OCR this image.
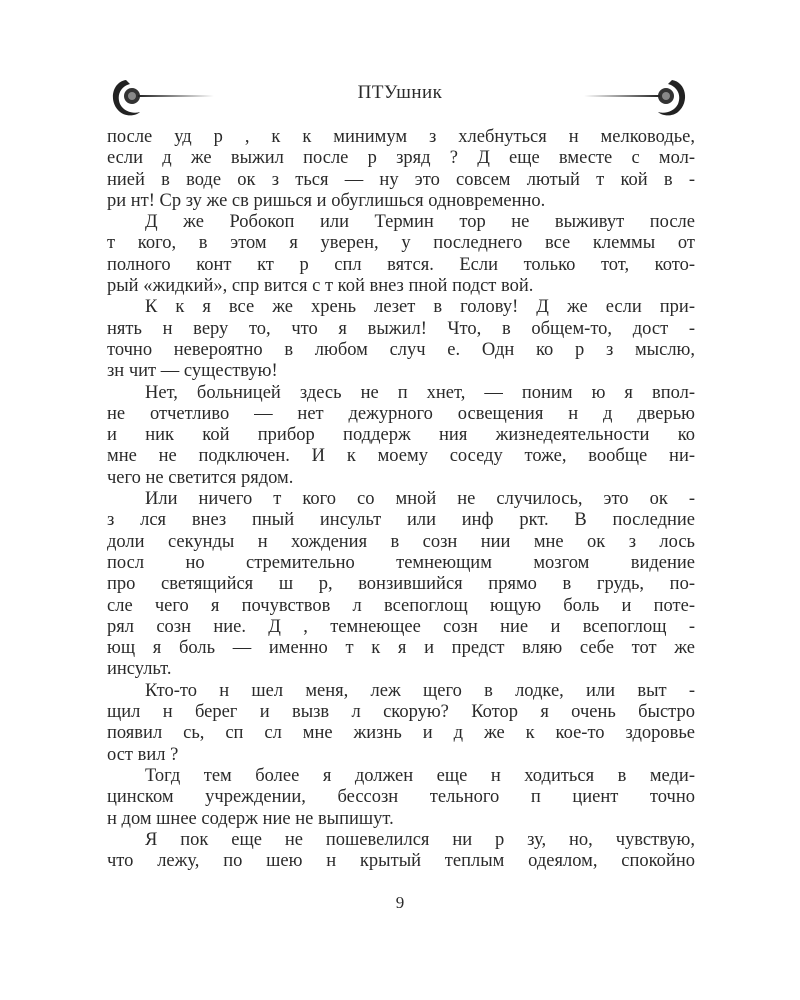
ПТУшник
после уд р , к к минимум з хлебнуться н мелководье,
если д же выжил после р зряд ? Д еще вместе с мол-
нией в воде ок з ться — ну это совсем лютый т кой в -
ри нт! Ср зу же св ришься и обуглишься одновременно.
Д же Робокоп или Термин тор не выживут после
т кого, в этом я уверен, у последнего все клеммы от
полного конт кт р спл вятся. Если только тот, кото-
рый «жидкий», спр вится с т кой внез пной подст вой.
К к я все же хрень лезет в голову! Д же если при-
нять н веру то, что я выжил! Что, в общем-то, дост -
точно невероятно в любом случ е. Одн ко р з мыслю,
зн чит — существую!
Нет, больницей здесь не п хнет, — поним ю я впол-
не отчетливо — нет дежурного освещения н д дверью
и ник кой прибор поддерж ния жизнедеятельности ко
мне не подключен. И к моему соседу тоже, вообще ни-
чего не светится рядом.
Или ничего т кого со мной не случилось, это ок -
з лся внез пный инсульт или инф ркт. В последние
доли секунды н хождения в созн нии мне ок з лось
посл но стремительно темнеющим мозгом видение
про светящийся ш р, вонзившийся прямо в грудь, по-
сле чего я почувствов л всепоглощ ющую боль и поте-
рял созн ние. Д , темнеющее созн ние и всепоглощ -
ющ я боль — именно т к я и предст вляю себе тот же
инсульт.
Кто-то н шел меня, леж щего в лодке, или выт -
щил н берег и вызв л скорую? Котор я очень быстро
появил сь, сп сл мне жизнь и д же к кое-то здоровье
ост вил ?
Тогд тем более я должен еще н ходиться в меди-
цинском учреждении, бессозн тельного п циент точно
н дом шнее содерж ние не выпишут.
Я пок еще не пошевелился ни р зу, но, чувствую,
что лежу, по шею н крытый теплым одеялом, спокойно
9
